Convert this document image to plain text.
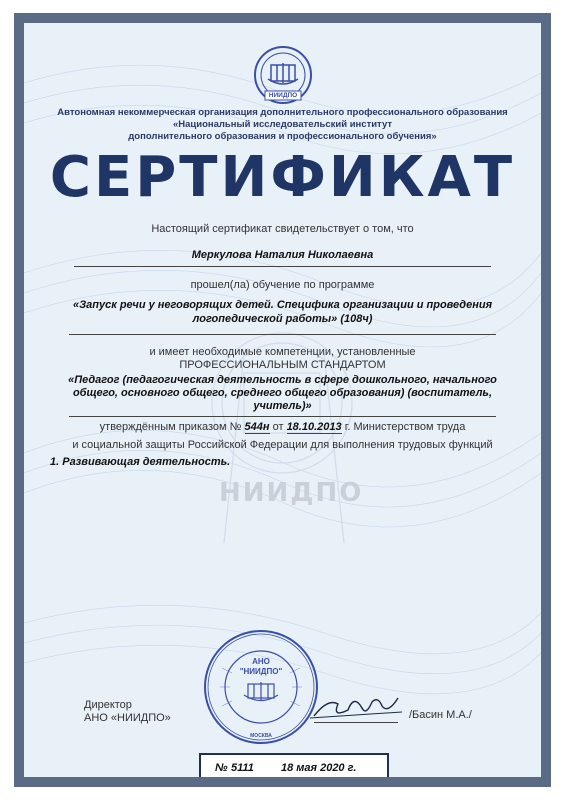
НИИДПО
Автономная некоммерческая организация дополнительного профессионального образования
«Национальный исследовательский институт
дополнительного образования и профессионального обучения»
СЕРТИФИКАТ
Настоящий сертификат свидетельствует о том, что
Меркулова Наталия Николаевна
прошел(ла) обучение по программе
«Запуск речи у неговорящих детей. Специфика организации и проведения
логопедической работы» (108ч)
и имеет необходимые компетенции, установленные
ПРОФЕССИОНАЛЬНЫМ СТАНДАРТОМ
«Педагог (педагогическая деятельность в сфере дошкольного, начального
общего, основного общего, среднего общего образования) (воспитатель,
учитель)»
утверждённым приказом № 544н от 18.10.2013 г. Министерством труда
и социальной защиты Российской Федерации для выполнения трудовых функций
1. Развивающая деятельность.
НИИДПО
АНО
"НИИДПО"
МОСКВА
Директор
АНО «НИИДПО»	/Басин М.А./
№ 5111 18 мая 2020 г.
